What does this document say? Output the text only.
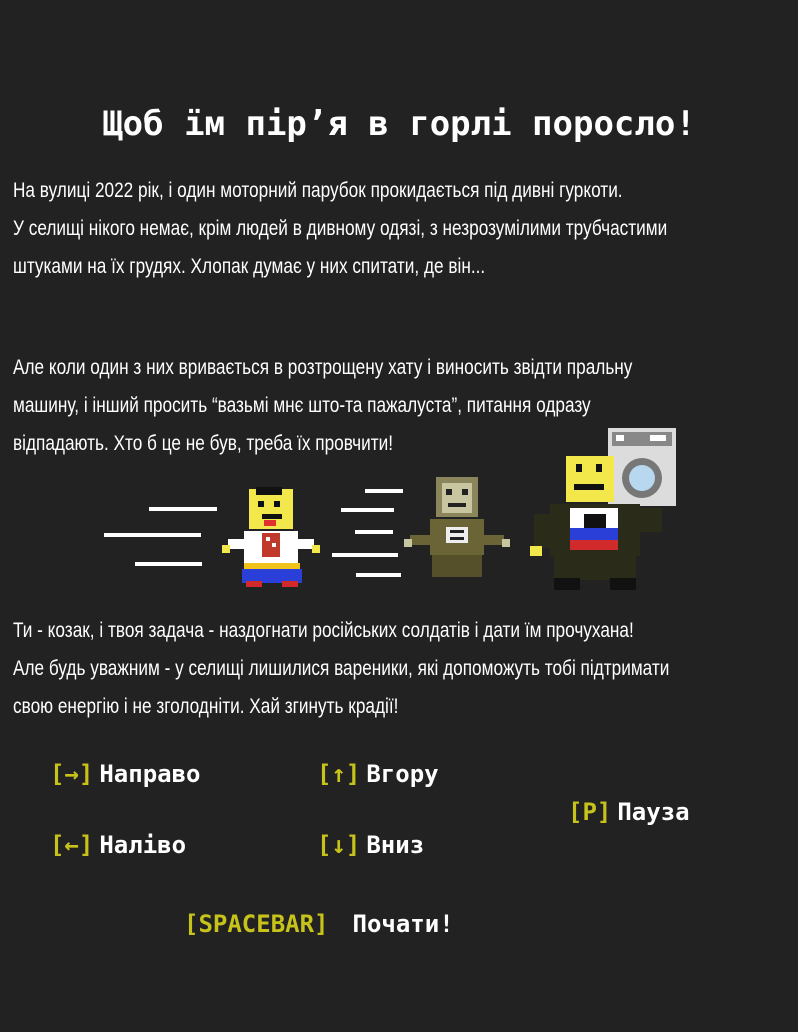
Щоб їм пір’я в горлі поросло!
На вулиці 2022 рік, і один моторний парубок прокидається під дивні гуркоти.
У селищі нікого немає, крім людей в дивному одязі, з незрозумілими трубчастими
штуками на їх грудях. Хлопак думає у них спитати, де він...
Але коли один з них вривається в розтрощену хату і виносить звідти пральну
машину, і інший просить “вазьмі мнє што-та пажалуста”, питання одразу
відпадають. Хто б це не був, треба їх провчити!
Ти - козак, і твоя задача - наздогнати російських солдатів і дати їм прочуханa!
Але будь уважним - у селищі лишилися вареники, які допоможуть тобі підтримати
свою енергію і не зголодніти. Хай згинуть крадії!
[→] Направо	[↑] Вгору
[P] Пауза
[←] Наліво	[↓] Вниз
[SPACEBAR] Почати!
